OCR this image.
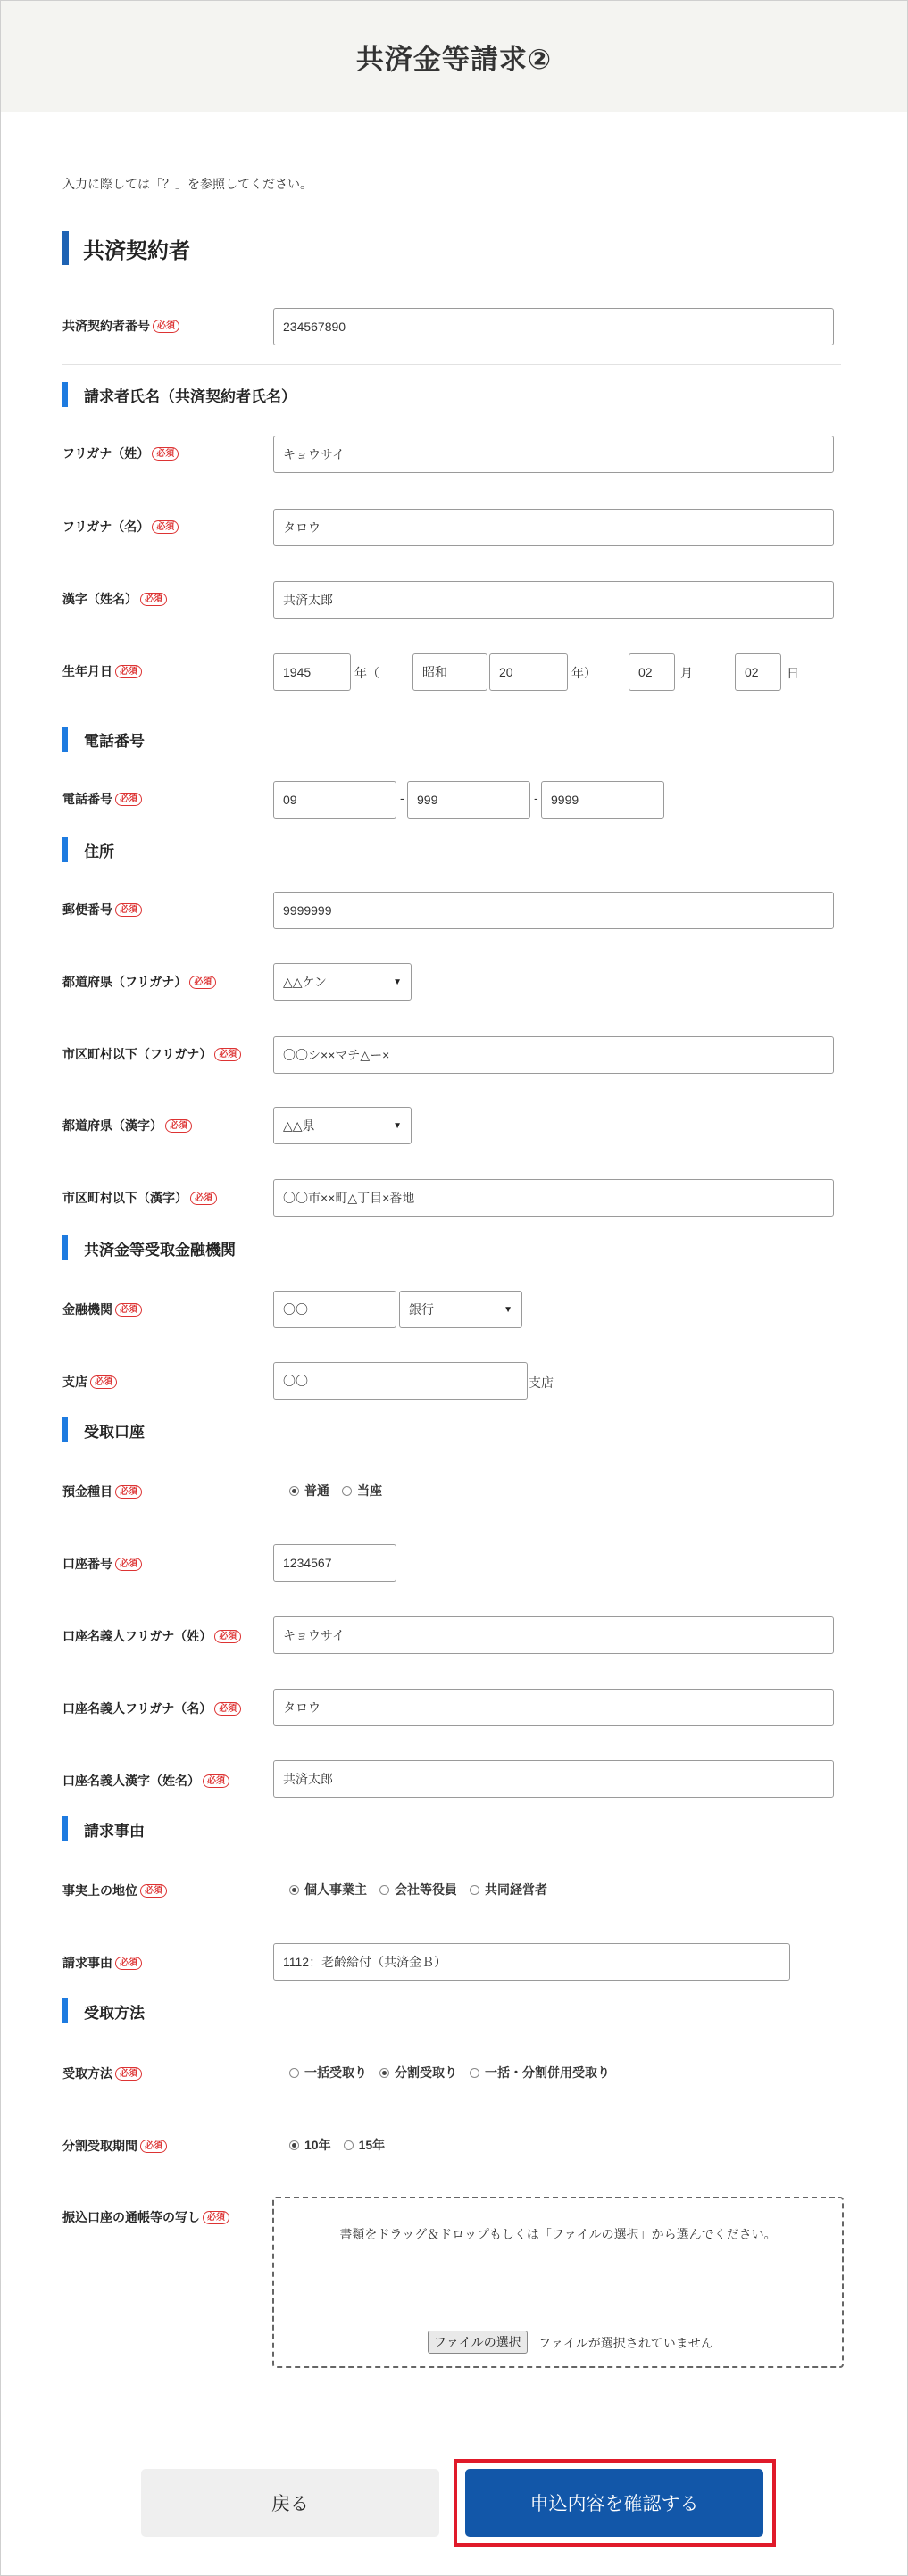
共済金等請求②
入力に際しては「？」を参照してください。
共済契約者
共済契約者番号 必須	234567890
請求者氏名（共済契約者氏名）
フリガナ（姓） 必須	キョウサイ
フリガナ（名） 必須	タロウ
漢字（姓名） 必須	共済太郎
生年月日 必須	1945	年（	昭和	20	年）	02	月	02	日
電話番号
電話番号 必須	09	-	999	-	9999
住所
郵便番号 必須	9999999
都道府県（フリガナ） 必須	△△ケン	▼
市区町村以下（フリガナ） 必須	〇〇シ××マチ△ー×
都道府県（漢字） 必須	△△県	▼
市区町村以下（漢字） 必須	〇〇市××町△丁目×番地
共済金等受取金融機関
金融機関 必須	〇〇	銀行	▼
支店 必須	〇〇	支店
受取口座
預金種目 必須	普通 当座
口座番号 必須	1234567
口座名義人フリガナ（姓） 必須	キョウサイ
口座名義人フリガナ（名） 必須	タロウ
口座名義人漢字（姓名） 必須	共済太郎
請求事由
事実上の地位 必須	個人事業主 会社等役員 共同経営者
請求事由 必須	1112：老齢給付（共済金Ｂ）
受取方法
受取方法 必須	一括受取り 分割受取り 一括・分割併用受取り
分割受取期間 必須	10年 15年
振込口座の通帳等の写し 必須
書類をドラッグ＆ドロップもしくは「ファイルの選択」から選んでください。
ファイルの選択	ファイルが選択されていません
戻る	申込内容を確認する
